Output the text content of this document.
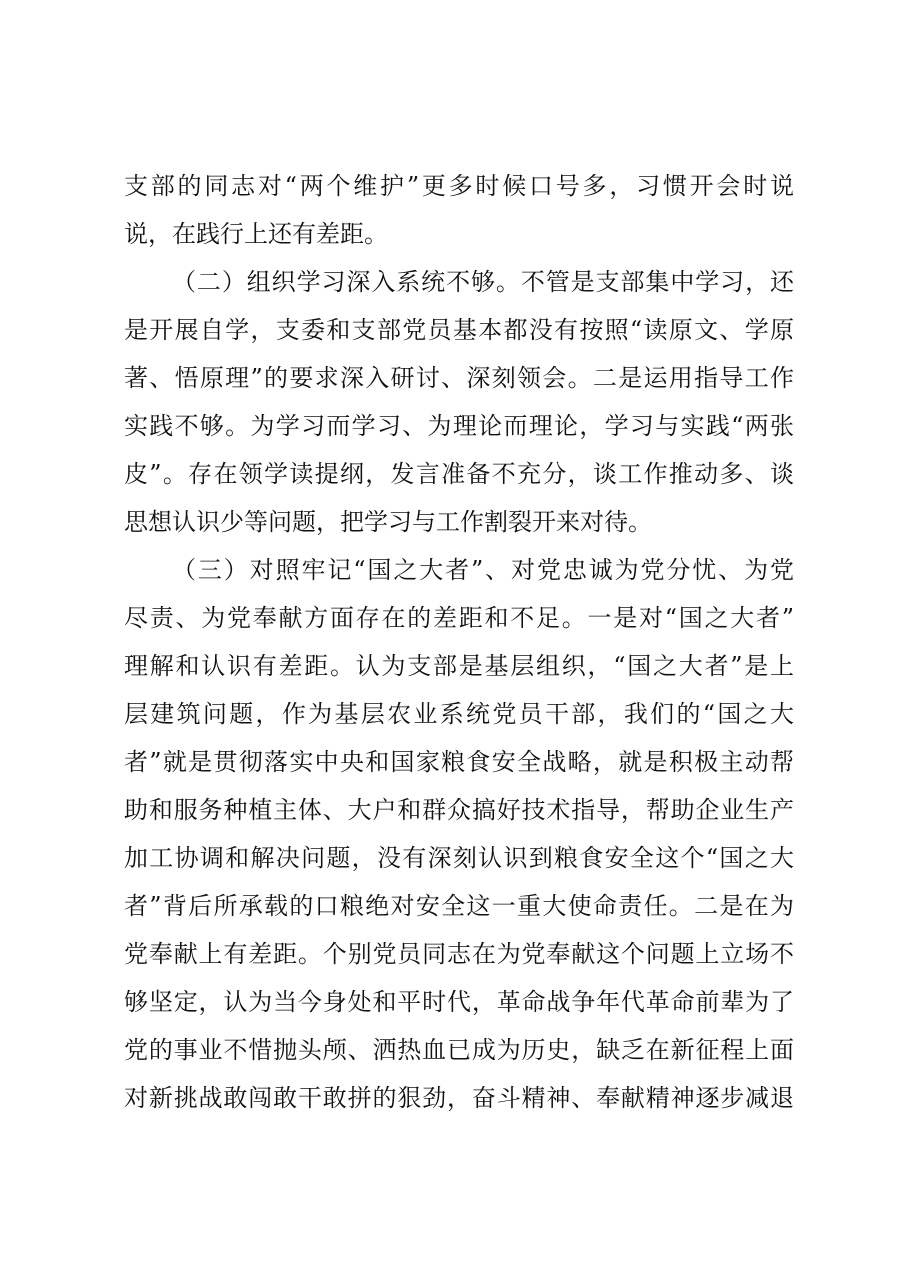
支部的同志对“两个维护”更多时候口号多，习惯开会时说
说，在践行上还有差距。
（二）组织学习深入系统不够。不管是支部集中学习，还
是开展自学，支委和支部党员基本都没有按照“读原文、学原
著、悟原理”的要求深入研讨、深刻领会。二是运用指导工作
实践不够。为学习而学习、为理论而理论，学习与实践“两张
皮”。存在领学读提纲，发言准备不充分，谈工作推动多、谈
思想认识少等问题，把学习与工作割裂开来对待。
（三）对照牢记“国之大者”、对党忠诚为党分忧、为党
尽责、为党奉献方面存在的差距和不足。一是对“国之大者”
理解和认识有差距。认为支部是基层组织，“国之大者”是上
层建筑问题，作为基层农业系统党员干部，我们的“国之大
者”就是贯彻落实中央和国家粮食安全战略，就是积极主动帮
助和服务种植主体、大户和群众搞好技术指导，帮助企业生产
加工协调和解决问题，没有深刻认识到粮食安全这个“国之大
者”背后所承载的口粮绝对安全这一重大使命责任。二是在为
党奉献上有差距。个别党员同志在为党奉献这个问题上立场不
够坚定，认为当今身处和平时代，革命战争年代革命前辈为了
党的事业不惜抛头颅、洒热血已成为历史，缺乏在新征程上面
对新挑战敢闯敢干敢拼的狠劲，奋斗精神、奉献精神逐步减退
